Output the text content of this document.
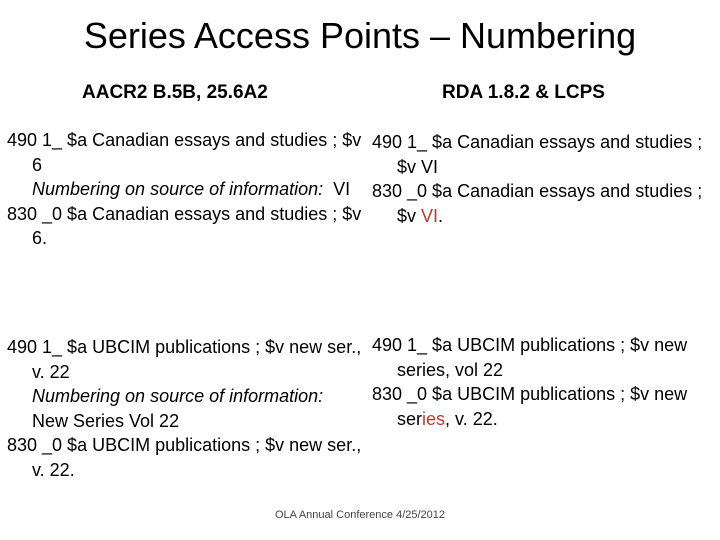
Series Access Points – Numbering
AACR2 B.5B, 25.6A2	RDA 1.8.2 & LCPS

490 1_ $a Canadian essays and studies ; $v 6

Numbering on source of information: VI

830 _0 $a Canadian essays and studies ; $v 6.

490 1_ $a Canadian essays and studies ; $v VI

830 _0 $a Canadian essays and studies ; $v VI.

490 1_ $a UBCIM publications ; $v new ser., v. 22

Numbering on source of information:  New Series Vol 22

830 _0 $a UBCIM publications ; $v new ser., v. 22.

490 1_ $a UBCIM publications ; $v new series, vol 22

830 _0 $a UBCIM publications ; $v new series, v. 22.

OLA Annual Conference 4/25/2012
